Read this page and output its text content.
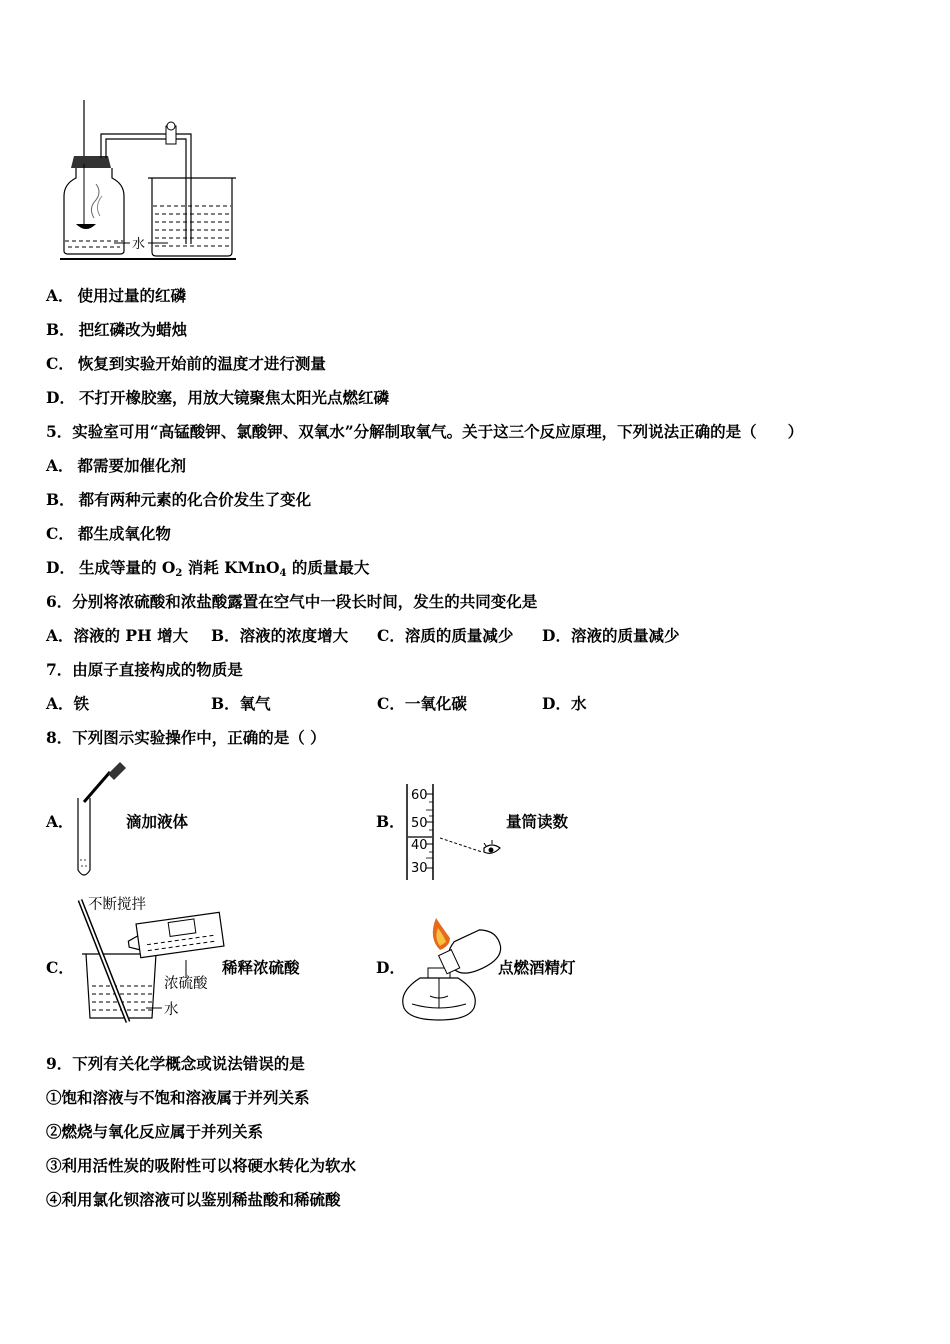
水
A． 使用过量的红磷
B． 把红磷改为蜡烛
C． 恢复到实验开始前的温度才进行测量
D． 不打开橡胶塞，用放大镜聚焦太阳光点燃红磷
5．实验室可用“高锰酸钾、氯酸钾、双氧水”分解制取氧气。关于这三个反应原理，下列说法正确的是（　　）
A． 都需要加催化剂
B． 都有两种元素的化合价发生了变化
C． 都生成氧化物
D． 生成等量的 $O_2$ 消耗 KMnO$_4$ 的质量最大
6．分别将浓硫酸和浓盐酸露置在空气中一段长时间，发生的共同变化是
A．溶液的 PH 增大 B．溶液的浓度增大 C．溶质的质量减少 D．溶液的质量减少
7．由原子直接构成的物质是
A．铁	B．氧气	C．一氧化碳	D．水
8．下列图示实验操作中，正确的是（ ）
A．	滴加液体	B．
60
50
40
30
量筒读数
C．
不断搅拌
浓硫酸
水
稀释浓硫酸	D．	点燃酒精灯
9．下列有关化学概念或说法错误的是
①饱和溶液与不饱和溶液属于并列关系
②燃烧与氧化反应属于并列关系
③利用活性炭的吸附性可以将硬水转化为软水
④利用氯化钡溶液可以鉴别稀盐酸和稀硫酸
